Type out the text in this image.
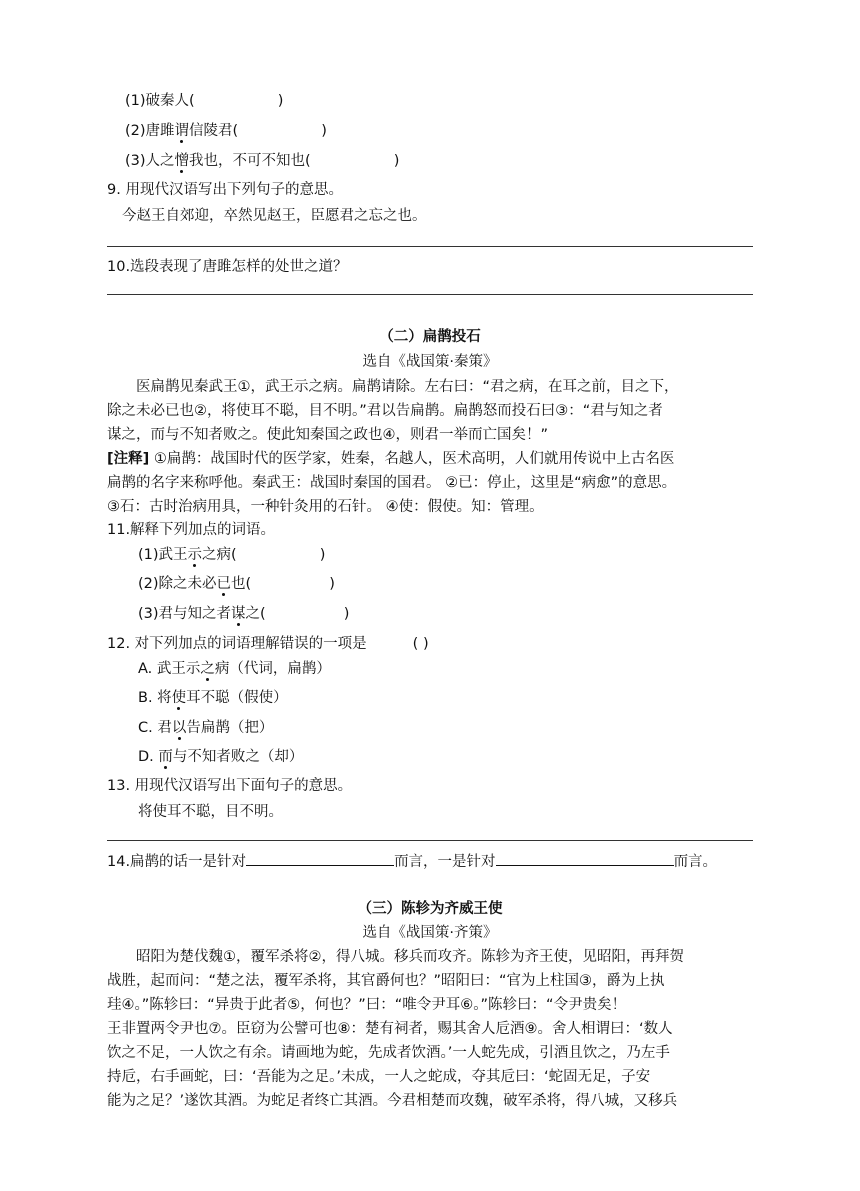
(1)破秦人(	)
(2)唐雎谓信陵君(	)
(3)人之憎我也，不可不知也(	)
9. 用现代汉语写出下列句子的意思。
今赵王自郊迎，卒然见赵王，臣愿君之忘之也。
10.选段表现了唐雎怎样的处世之道？
（二）扁鹊投石
选自《战国策·秦策》
医扁鹊见秦武王①，武王示之病。扁鹊请除。左右曰：“君之病，在耳之前，目之下，
除之未必已也②，将使耳不聪，目不明。”君以告扁鹊。扁鹊怒而投石曰③：“君与知之者
谋之，而与不知者败之。使此知秦国之政也④，则君一举而亡国矣！”
[注释] ①扁鹊：战国时代的医学家，姓秦，名越人，医术高明，人们就用传说中上古名医
扁鹊的名字来称呼他。秦武王：战国时秦国的国君。 ②已：停止，这里是“病愈”的意思。
③石：古时治病用具，一种针灸用的石针。 ④使：假使。知：管理。
11.解释下列加点的词语。
(1)武王示之病(	)
(2)除之未必已也(	)
(3)君与知之者谋之(	)
12. 对下列加点的词语理解错误的一项是	( )
A. 武王示之病（代词，扁鹊）
B. 将使耳不聪（假使）
C. 君以告扁鹊（把）
D. 而与不知者败之（却）
13. 用现代汉语写出下面句子的意思。
将使耳不聪，目不明。
14.扁鹊的话一是针对	而言，一是针对	而言。
（三）陈轸为齐威王使
选自《战国策·齐策》
昭阳为楚伐魏①，覆军杀将②，得八城。移兵而攻齐。陈轸为齐王使，见昭阳，再拜贺
战胜，起而问：“楚之法，覆军杀将，其官爵何也？”昭阳曰：“官为上柱国③，爵为上执
珪④。”陈轸曰：“异贵于此者⑤，何也？”曰：“唯令尹耳⑥。”陈轸曰：“令尹贵矣！
王非置两令尹也⑦。臣窃为公譬可也⑧：楚有祠者，赐其舍人卮酒⑨。舍人相谓曰：‘数人
饮之不足，一人饮之有余。请画地为蛇，先成者饮酒。’一人蛇先成，引酒且饮之，乃左手
持卮，右手画蛇，曰：‘吾能为之足。’未成，一人之蛇成，夺其卮曰：‘蛇固无足，子安
能为之足？’遂饮其酒。为蛇足者终亡其酒。今君相楚而攻魏，破军杀将，得八城，又移兵
